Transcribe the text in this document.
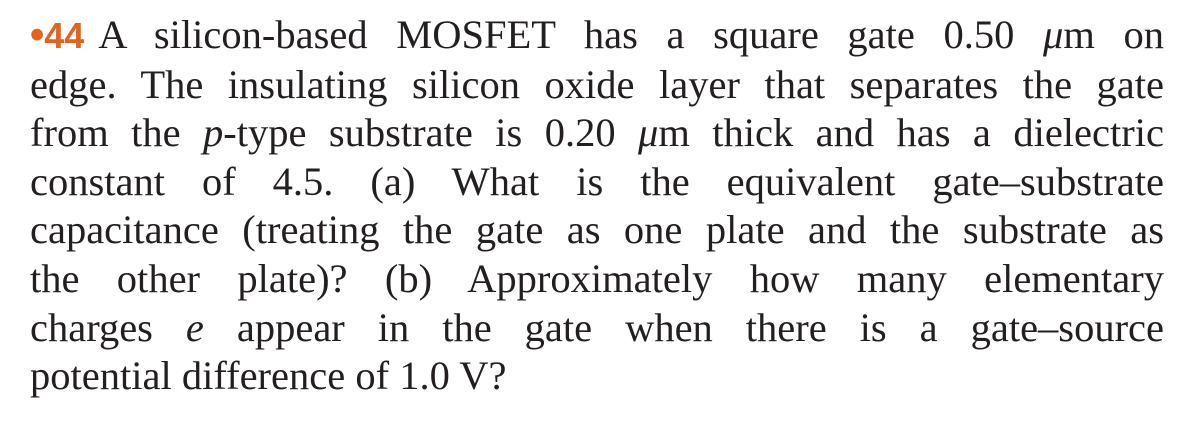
•44 A silicon-based MOSFET has a square gate 0.50 μm on
edge. The insulating silicon oxide layer that separates the gate
from the p-type substrate is 0.20 μm thick and has a dielectric
constant of 4.5. (a) What is the equivalent gate–substrate
capacitance (treating the gate as one plate and the substrate as
the other plate)? (b) Approximately how many elementary
charges e appear in the gate when there is a gate–source
potential difference of 1.0 V?
